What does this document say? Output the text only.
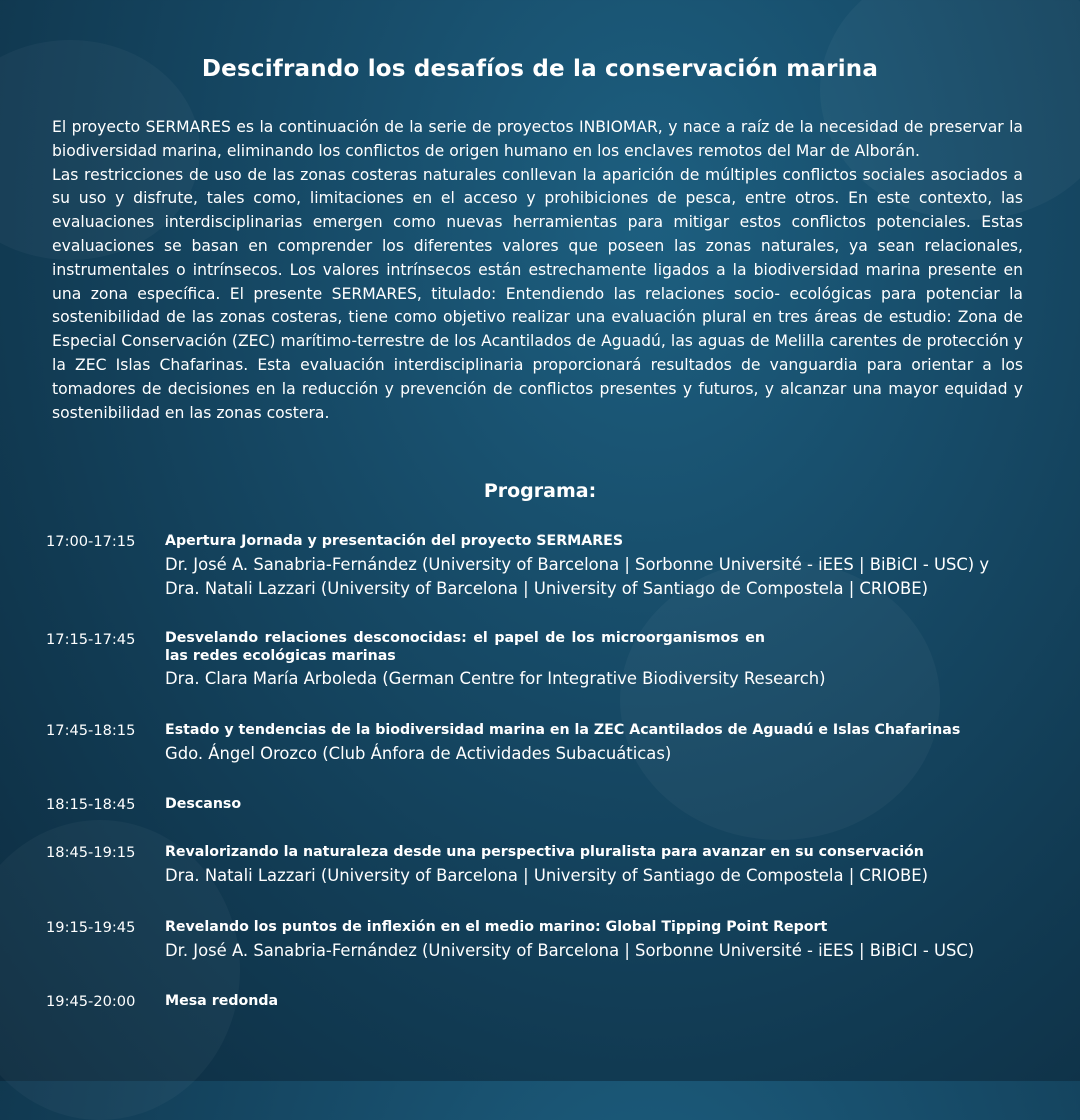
Descifrando los desafíos de la conservación marina

El proyecto SERMARES es la continuación de la serie de proyectos INBIOMAR, y nace a raíz de la necesidad de preservar la biodiversidad marina, eliminando los conflictos de origen humano en los enclaves remotos del Mar de Alborán.

Las restricciones de uso de las zonas costeras naturales conllevan la aparición de múltiples conflictos sociales asociados a su uso y disfrute, tales como, limitaciones en el acceso y prohibiciones de pesca, entre otros. En este contexto, las evaluaciones interdisciplinarias emergen como nuevas herramientas para mitigar estos conflictos potenciales. Estas evaluaciones se basan en comprender los diferentes valores que poseen las zonas naturales, ya sean relacionales, instrumentales o intrínsecos. Los valores intrínsecos están estrechamente ligados a la biodiversidad marina presente en una zona específica. El presente SERMARES, titulado: Entendiendo las relaciones socio- ecológicas para potenciar la sostenibilidad de las zonas costeras, tiene como objetivo realizar una evaluación plural en tres áreas de estudio: Zona de Especial Conservación (ZEC) marítimo-terrestre de los Acantilados de Aguadú, las aguas de Melilla carentes de protección y la ZEC Islas Chafarinas. Esta evaluación interdisciplinaria proporcionará resultados de vanguardia para orientar a los tomadores de decisiones en la reducción y prevención de conflictos presentes y futuros, y alcanzar una mayor equidad y sostenibilidad en las zonas costera.

Programa:
17:00-17:15 Apertura Jornada y presentación del proyecto SERMARES
Dr. José A. Sanabria-Fernández (University of Barcelona | Sorbonne Université - iEES | BiBiCI - USC) y
Dra. Natali Lazzari (University of Barcelona | University of Santiago de Compostela | CRIOBE)
17:15-17:45 Desvelando relaciones desconocidas: el papel de los microorganismos en las redes ecológicas marinas
Dra. Clara María Arboleda (German Centre for Integrative Biodiversity Research)
17:45-18:15 Estado y tendencias de la biodiversidad marina en la ZEC Acantilados de Aguadú e Islas Chafarinas
Gdo. Ángel Orozco (Club Ánfora de Actividades Subacuáticas)
18:15-18:45 Descanso
18:45-19:15 Revalorizando la naturaleza desde una perspectiva pluralista para avanzar en su conservación
Dra. Natali Lazzari (University of Barcelona | University of Santiago de Compostela | CRIOBE)
19:15-19:45 Revelando los puntos de inflexión en el medio marino: Global Tipping Point Report
Dr. José A. Sanabria-Fernández (University of Barcelona | Sorbonne Université - iEES | BiBiCI - USC)
19:45-20:00 Mesa redonda
